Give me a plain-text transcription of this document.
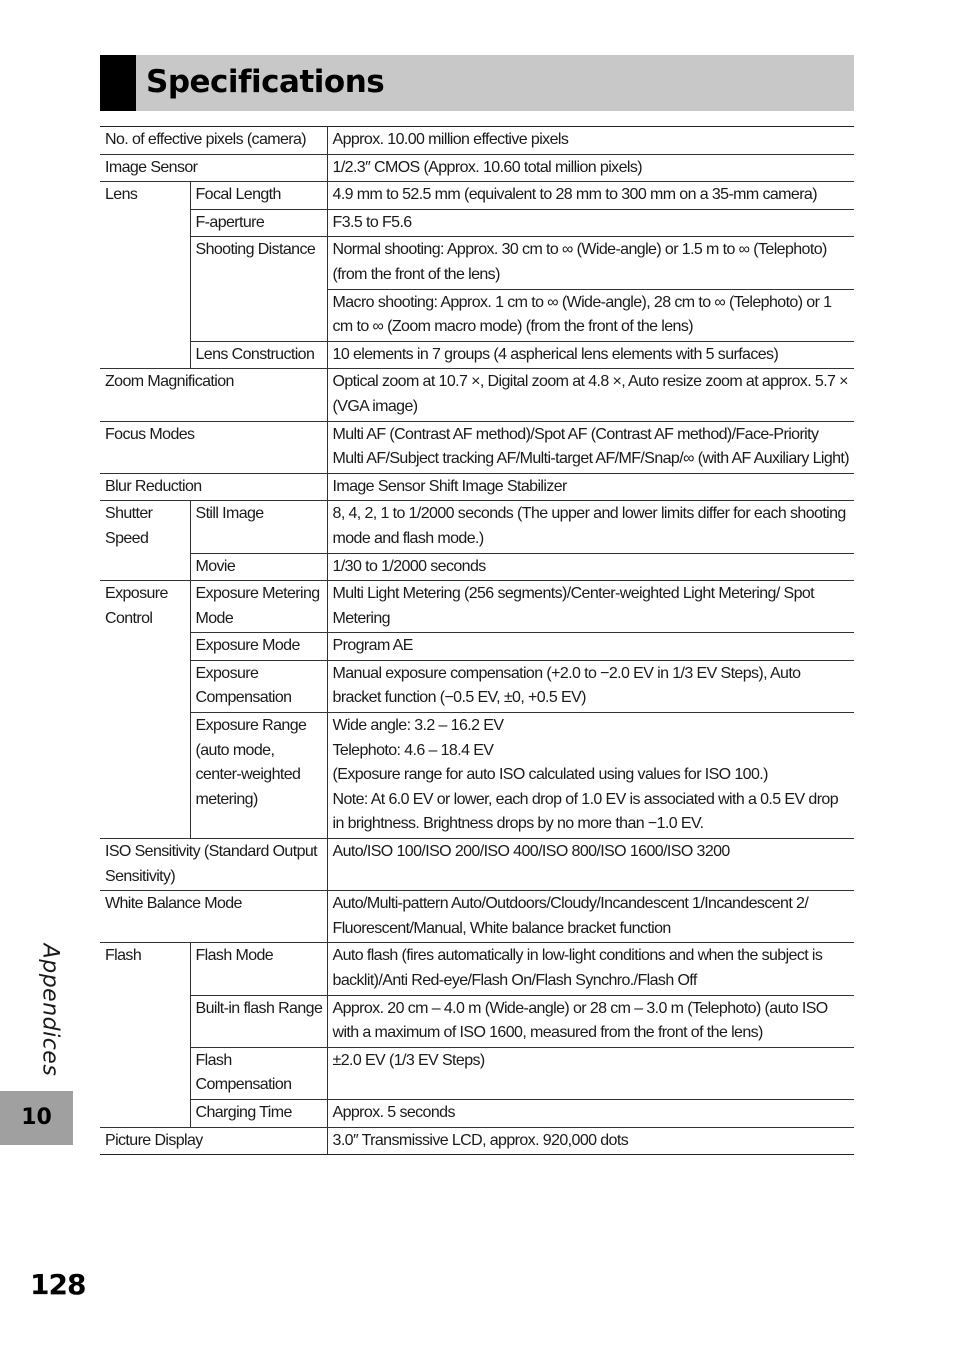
Specifications
No. of effective pixels (camera)		Approx. 10.00 million effective pixels
Image Sensor		1/2.3″ CMOS (Approx. 10.60 total million pixels)
Lens	Focal Length	4.9 mm to 52.5 mm (equivalent to 28 mm to 300 mm on a 35-mm camera)
	F-aperture	F3.5 to F5.6
	Shooting Distance	Normal shooting: Approx. 30 cm to ∞ (Wide-angle) or 1.5 m to ∞ (Telephoto) (from the front of the lens)
		Macro shooting: Approx. 1 cm to ∞ (Wide-angle), 28 cm to ∞ (Telephoto) or 1 cm to ∞ (Zoom macro mode) (from the front of the lens)
	Lens Construction	10 elements in 7 groups (4 aspherical lens elements with 5 surfaces)
Zoom Magnification		Optical zoom at 10.7 ×, Digital zoom at 4.8 ×, Auto resize zoom at approx. 5.7 × (VGA image)
Focus Modes		Multi AF (Contrast AF method)/Spot AF (Contrast AF method)/Face-Priority Multi AF/Subject tracking AF/Multi-target AF/MF/Snap/∞ (with AF Auxiliary Light)
Blur Reduction		Image Sensor Shift Image Stabilizer
Shutter Speed	Still Image	8, 4, 2, 1 to 1/2000 seconds (The upper and lower limits differ for each shooting mode and flash mode.)
	Movie	1/30 to 1/2000 seconds
Exposure Control	Exposure Metering Mode	Multi Light Metering (256 segments)/Center-weighted Light Metering/ Spot Metering
	Exposure Mode	Program AE
	Exposure Compensation	Manual exposure compensation (+2.0 to −2.0 EV in 1/3 EV Steps), Auto bracket function (−0.5 EV, ±0, +0.5 EV)
	Exposure Range (auto mode, center-weighted metering)	Wide angle: 3.2 – 16.2 EV
Telephoto: 4.6 – 18.4 EV
(Exposure range for auto ISO calculated using values for ISO 100.)
Note: At 6.0 EV or lower, each drop of 1.0 EV is associated with a 0.5 EV drop in brightness. Brightness drops by no more than −1.0 EV.

ISO Sensitivity (Standard Output Sensitivity)		Auto/ISO 100/ISO 200/ISO 400/ISO 800/ISO 1600/ISO 3200
White Balance Mode		Auto/Multi-pattern Auto/Outdoors/Cloudy/Incandescent 1/Incandescent 2/ Fluorescent/Manual, White balance bracket function
Flash	Flash Mode	Auto flash (fires automatically in low-light conditions and when the subject is backlit)/Anti Red-eye/Flash On/Flash Synchro./Flash Off
	Built-in flash Range	Approx. 20 cm – 4.0 m (Wide-angle) or 28 cm – 3.0 m (Telephoto) (auto ISO with a maximum of ISO 1600, measured from the front of the lens)
	Flash Compensation	±2.0 EV (1/3 EV Steps)
	Charging Time	Approx. 5 seconds
Picture Display		3.0″ Transmissive LCD, approx. 920,000 dots
Appendices
10
128
